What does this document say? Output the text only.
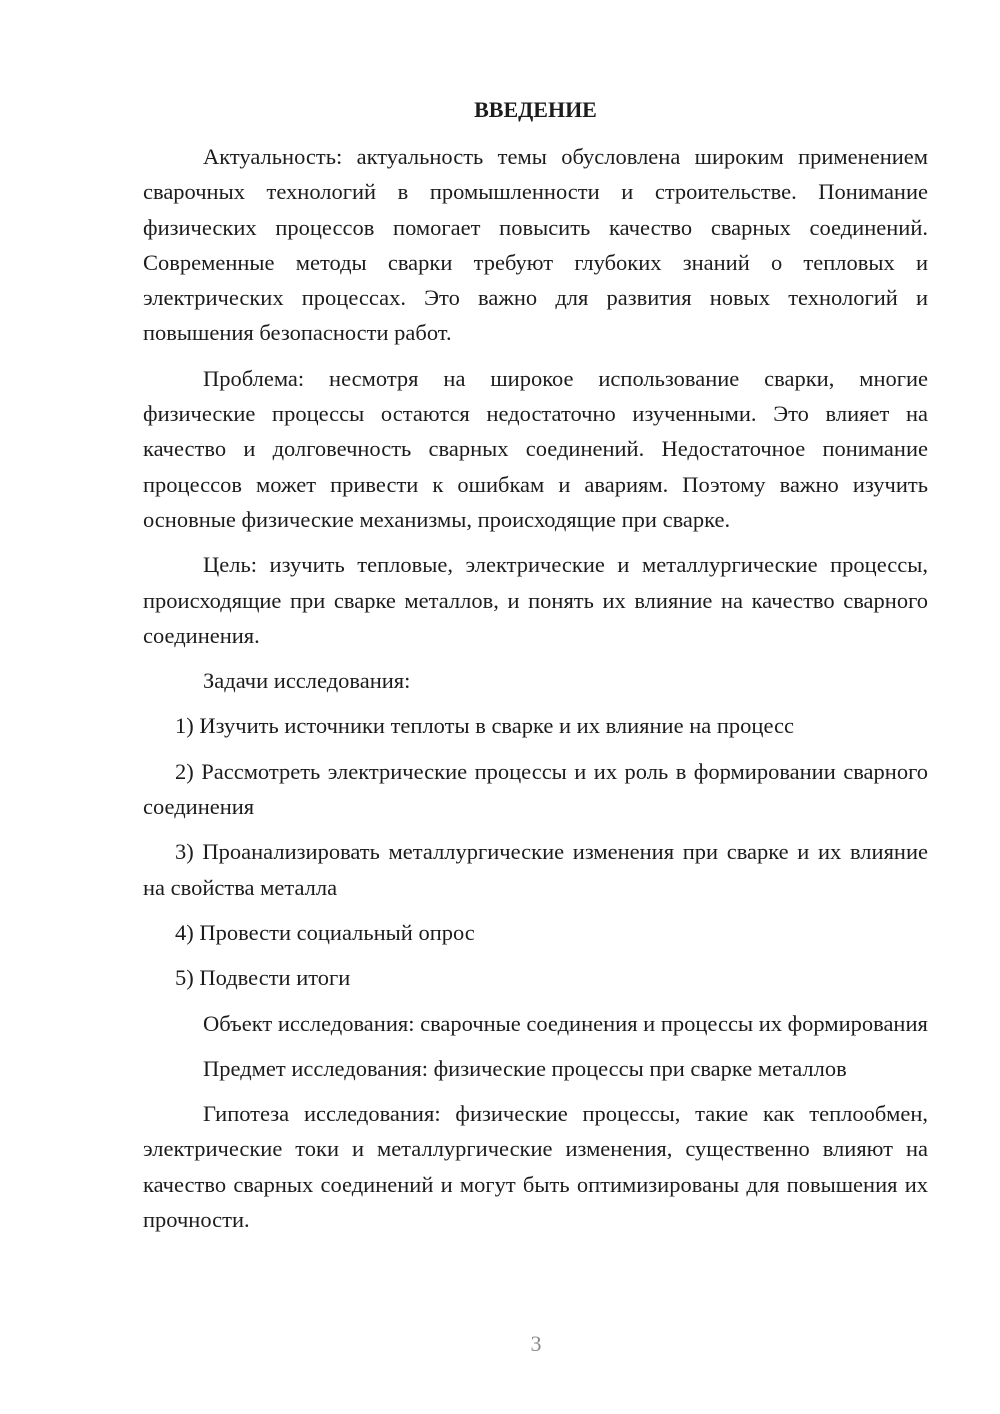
ВВЕДЕНИЕ

Актуальность: актуальность темы обусловлена широким применением сварочных технологий в промышленности и строительстве. Понимание физических процессов помогает повысить качество сварных соединений. Современные методы сварки требуют глубоких знаний о тепловых и электрических процессах. Это важно для развития новых технологий и повышения безопасности работ.

Проблема: несмотря на широкое использование сварки, многие физические процессы остаются недостаточно изученными. Это влияет на качество и долговечность сварных соединений. Недостаточное понимание процессов может привести к ошибкам и авариям. Поэтому важно изучить основные физические механизмы, происходящие при сварке.

Цель: изучить тепловые, электрические и металлургические процессы, происходящие при сварке металлов, и понять их влияние на качество сварного соединения.

Задачи исследования:

1) Изучить источники теплоты в сварке и их влияние на процесс

2) Рассмотреть электрические процессы и их роль в формировании сварного соединения

3) Проанализировать металлургические изменения при сварке и их влияние на свойства металла

4) Провести социальный опрос

5) Подвести итоги

Объект исследования: сварочные соединения и процессы их формирования

Предмет исследования: физические процессы при сварке металлов

Гипотеза исследования: физические процессы, такие как теплообмен, электрические токи и металлургические изменения, существенно влияют на качество сварных соединений и могут быть оптимизированы для повышения их прочности.

3
